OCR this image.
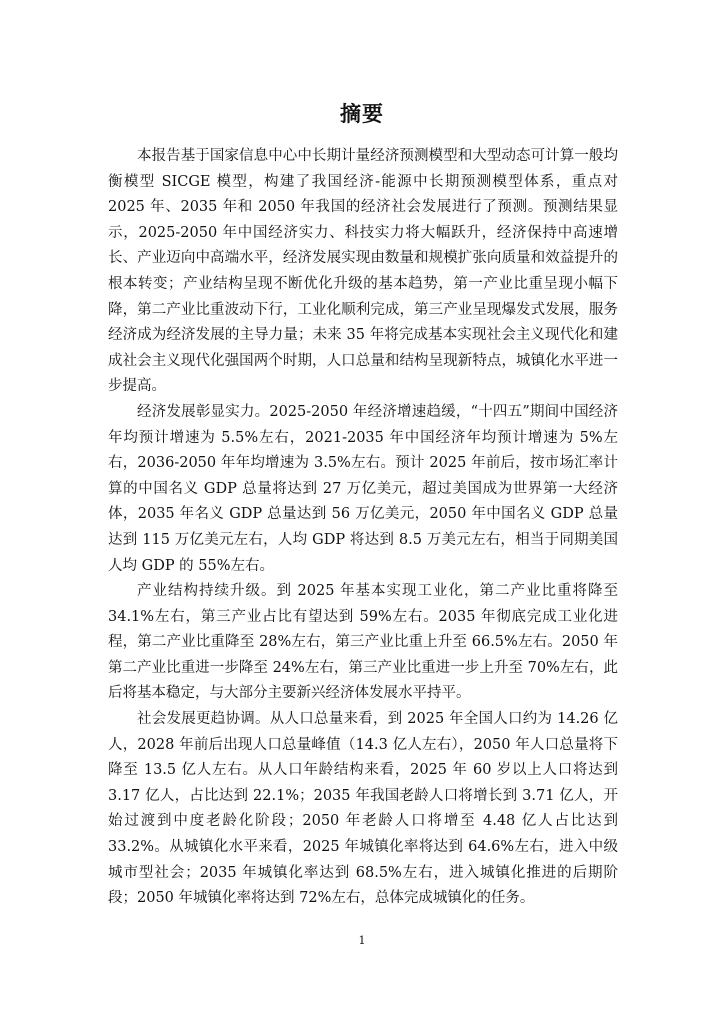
摘要

本报告基于国家信息中心中长期计量经济预测模型和大型动态可计算一般均衡模型 SICGE 模型，构建了我国经济-能源中长期预测模型体系，重点对 2025 年、2035 年和 2050 年我国的经济社会发展进行了预测。预测结果显示，2025-2050 年中国经济实力、科技实力将大幅跃升，经济保持中高速增长、产业迈向中高端水平，经济发展实现由数量和规模扩张向质量和效益提升的根本转变；产业结构呈现不断优化升级的基本趋势，第一产业比重呈现小幅下降，第二产业比重波动下行，工业化顺利完成，第三产业呈现爆发式发展，服务经济成为经济发展的主导力量；未来 35 年将完成基本实现社会主义现代化和建成社会主义现代化强国两个时期，人口总量和结构呈现新特点，城镇化水平进一步提高。

经济发展彰显实力。2025-2050 年经济增速趋缓，“十四五”期间中国经济年均预计增速为 5.5%左右，2021-2035 年中国经济年均预计增速为 5%左右，2036-2050 年年均增速为 3.5%左右。预计 2025 年前后，按市场汇率计算的中国名义 GDP 总量将达到 27 万亿美元，超过美国成为世界第一大经济体，2035 年名义 GDP 总量达到 56 万亿美元，2050 年中国名义 GDP 总量达到 115 万亿美元左右，人均 GDP 将达到 8.5 万美元左右，相当于同期美国人均 GDP 的 55%左右。

产业结构持续升级。到 2025 年基本实现工业化，第二产业比重将降至 34.1%左右，第三产业占比有望达到 59%左右。2035 年彻底完成工业化进程，第二产业比重降至 28%左右，第三产业比重上升至 66.5%左右。2050 年第二产业比重进一步降至 24%左右，第三产业比重进一步上升至 70%左右，此后将基本稳定，与大部分主要新兴经济体发展水平持平。

社会发展更趋协调。从人口总量来看，到 2025 年全国人口约为 14.26 亿人，2028 年前后出现人口总量峰值（14.3 亿人左右），2050 年人口总量将下降至 13.5 亿人左右。从人口年龄结构来看，2025 年 60 岁以上人口将达到 3.17 亿人，占比达到 22.1%；2035 年我国老龄人口将增长到 3.71 亿人，开始过渡到中度老龄化阶段；2050 年老龄人口将增至 4.48 亿人占比达到 33.2%。从城镇化水平来看，2025 年城镇化率将达到 64.6%左右，进入中级城市型社会；2035 年城镇化率达到 68.5%左右，进入城镇化推进的后期阶段；2050 年城镇化率将达到 72%左右，总体完成城镇化的任务。

1
